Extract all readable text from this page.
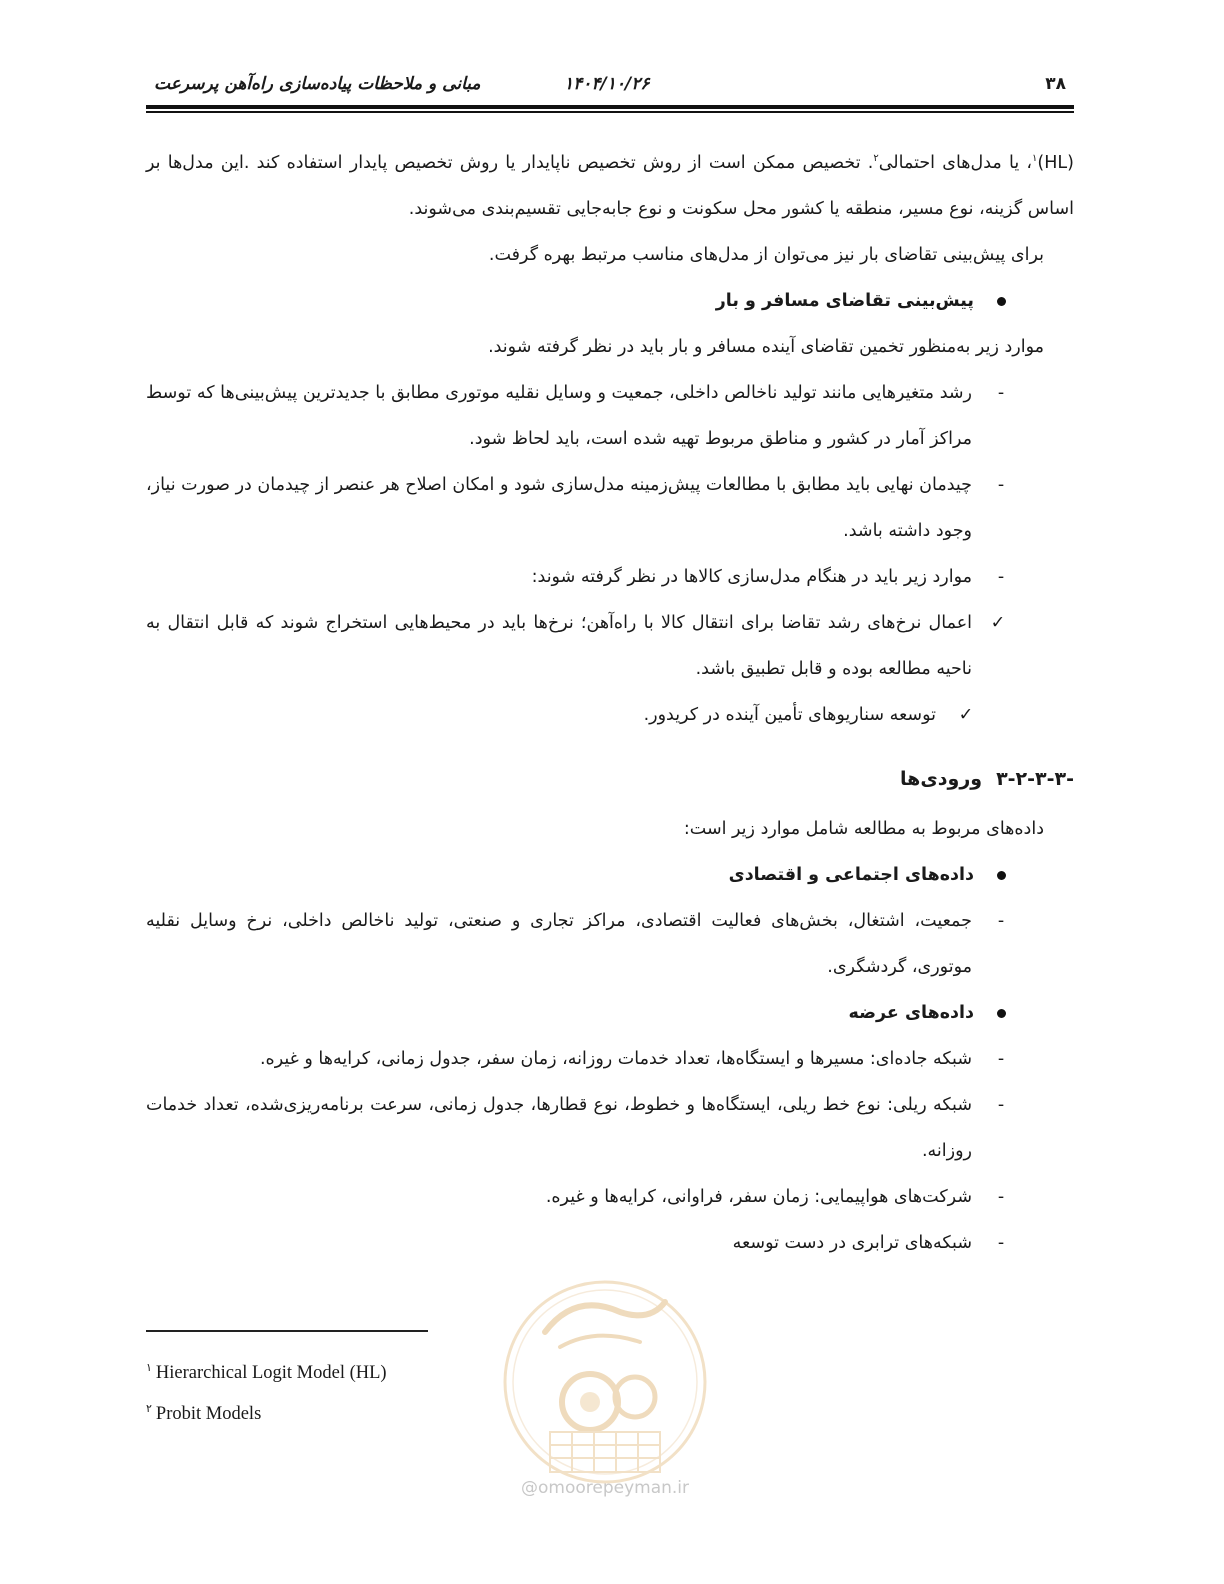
۳۸
۱۴۰۴/۱۰/۲۶
مبانی و ملاحظات پیاده‌سازی راه‌آهن پرسرعت

(HL)$^۱$، یا مدل‌های احتمالی$^۲$. تخصیص ممکن است از روش تخصیص ناپایدار یا روش تخصیص پایدار استفاده کند .این مدل‌ها بر اساس گزینه، نوع مسیر، منطقه یا کشور محل سکونت و نوع جابه‌جایی تقسیم‌بندی می‌شوند.

برای پیش‌بینی تقاضای بار نیز می‌توان از مدل‌های مناسب مرتبط بهره گرفت.

پیش‌بینی تقاضای مسافر و بار

موارد زیر به‌منظور تخمین تقاضای آینده مسافر و بار باید در نظر گرفته شوند.

-
رشد متغیرهایی مانند تولید ناخالص داخلی، جمعیت و وسایل نقلیه موتوری مطابق با جدیدترین پیش‌بینی‌ها که توسط مراکز آمار در کشور و مناطق مربوط تهیه شده است، باید لحاظ شود.

-
چیدمان نهایی باید مطابق با مطالعات پیش‌زمینه مدل‌سازی شود و امکان اصلاح هر عنصر از چیدمان در صورت نیاز، وجود داشته باشد.

-
موارد زیر باید در هنگام مدل‌سازی کالاها در نظر گرفته شوند:

✓
اعمال نرخ‌های رشد تقاضا برای انتقال کالا با راه‌آهن؛ نرخ‌ها باید در محیط‌هایی استخراج شوند که قابل انتقال به ناحیه مطالعه بوده و قابل تطبیق باشد.

✓
توسعه سناریوهای تأمین آینده در کریدور.

۳-۲-۳-۳-ورودی‌ها

داده‌های مربوط به مطالعه شامل موارد زیر است:

داده‌های اجتماعی و اقتصادی

-
جمعیت، اشتغال، بخش‌های فعالیت اقتصادی، مراکز تجاری و صنعتی، تولید ناخالص داخلی، نرخ وسایل نقلیه موتوری، گردشگری.

داده‌های عرضه

-
شبکه جاده‌ای: مسیرها و ایستگاه‌ها، تعداد خدمات روزانه، زمان سفر، جدول زمانی، کرایه‌ها و غیره.

-
شبکه ریلی: نوع خط ریلی، ایستگاه‌ها و خطوط، نوع قطارها، جدول زمانی، سرعت برنامه‌ریزی‌شده، تعداد خدمات روزانه.

-
شرکت‌های هواپیمایی: زمان سفر، فراوانی، کرایه‌ها و غیره.

-
شبکه‌های ترابری در دست توسعه

@omoorepeyman.ir

$^۱$ Hierarchical Logit Model (HL)

$^۲$ Probit Models
